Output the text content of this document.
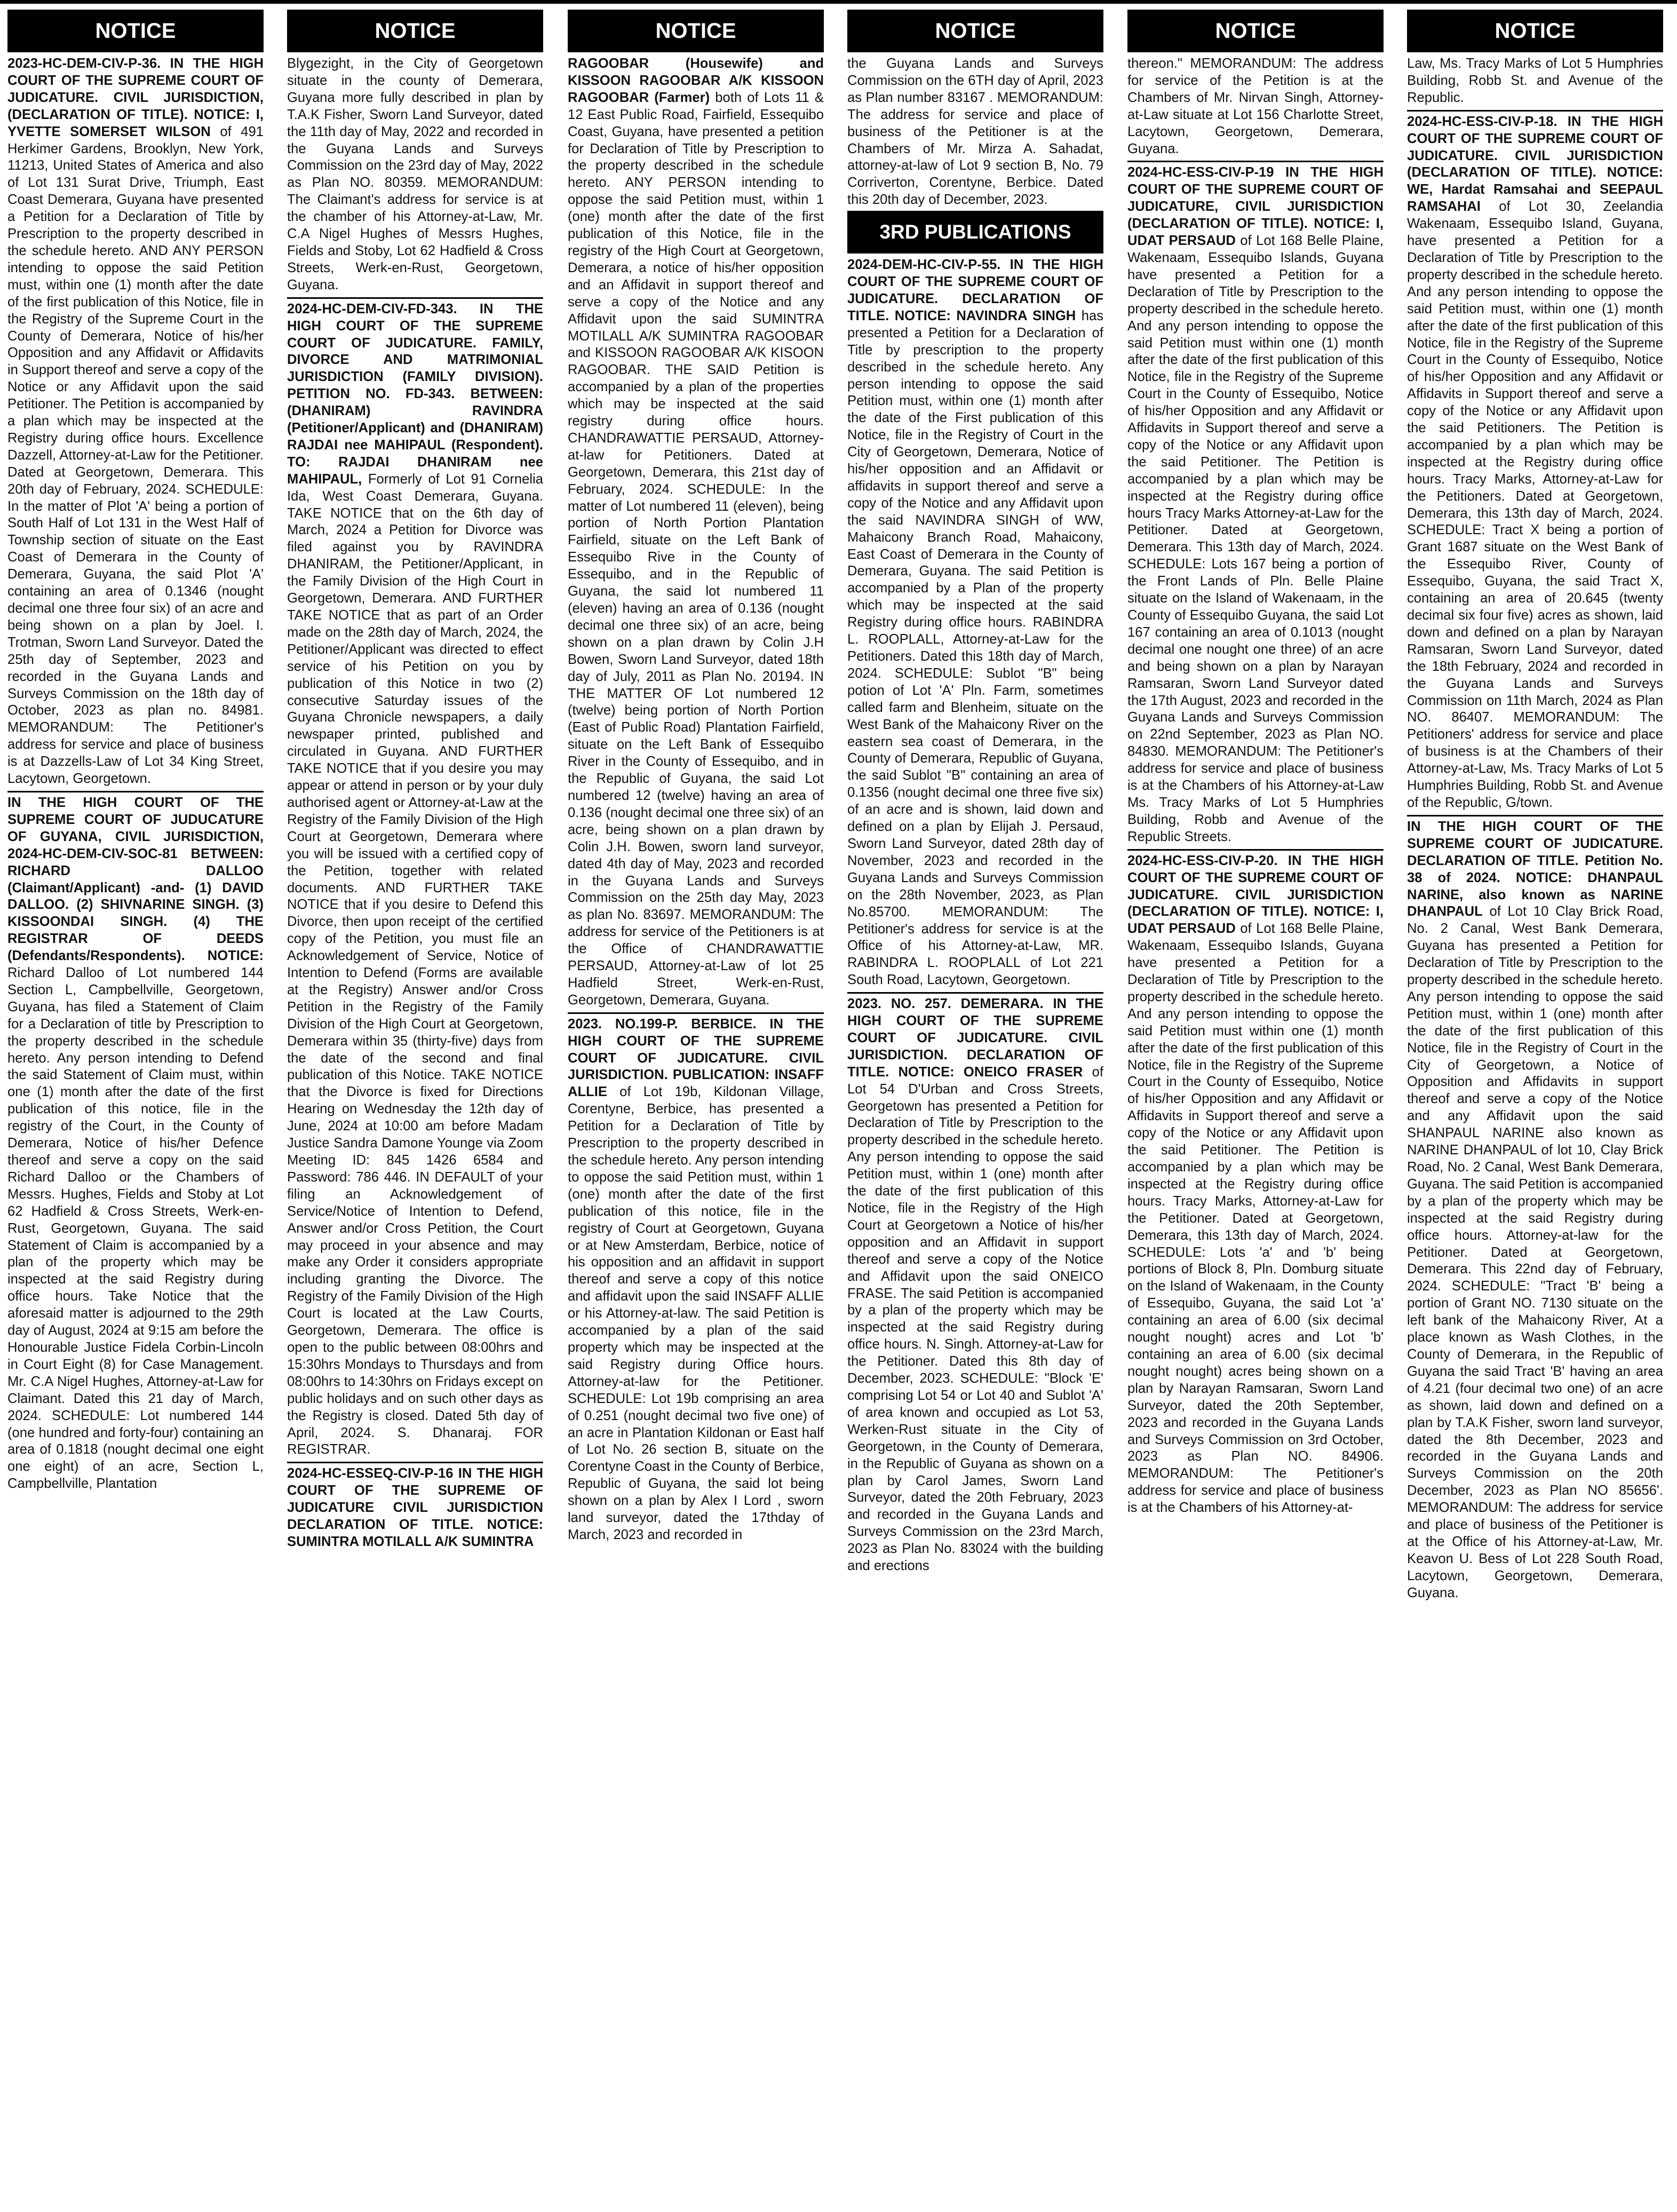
NOTICE

2023-HC-DEM-CIV-P-36. IN THE HIGH COURT OF THE SUPREME COURT OF JUDICATURE. CIVIL JURISDICTION, (DECLARATION OF TITLE). NOTICE: I, YVETTE SOMERSET WILSON of 491 Herkimer Gardens, Brooklyn, New York, 11213, United States of America and also of Lot 131 Surat Drive, Triumph, East Coast Demerara, Guyana have presented a Petition for a Declaration of Title by Prescription to the property described in the schedule hereto. AND ANY PERSON intending to oppose the said Petition must, within one (1) month after the date of the first publication of this Notice, file in the Registry of the Supreme Court in the County of Demerara, Notice of his/her Opposition and any Affidavit or Affidavits in Support thereof and serve a copy of the Notice or any Affidavit upon the said Petitioner. The Petition is accompanied by a plan which may be inspected at the Registry during office hours. Excellence Dazzell, Attorney-at-Law for the Petitioner. Dated at Georgetown, Demerara. This 20th day of February, 2024. SCHEDULE: In the matter of Plot 'A' being a portion of South Half of Lot 131 in the West Half of Township section of situate on the East Coast of Demerara in the County of Demerara, Guyana, the said Plot 'A' containing an area of 0.1346 (nought decimal one three four six) of an acre and being shown on a plan by Joel. I. Trotman, Sworn Land Surveyor. Dated the 25th day of September, 2023 and recorded in the Guyana Lands and Surveys Commission on the 18th day of October, 2023 as plan no. 84981. MEMORANDUM: The Petitioner's address for service and place of business is at Dazzells-Law of Lot 34 King Street, Lacytown, Georgetown.

IN THE HIGH COURT OF THE SUPREME COURT OF JUDUCATURE OF GUYANA, CIVIL JURISDICTION, 2024-HC-DEM-CIV-SOC-81 BETWEEN: RICHARD DALLOO (Claimant/Applicant) -and- (1) DAVID DALLOO. (2) SHIVNARINE SINGH. (3) KISSOONDAI SINGH. (4) THE REGISTRAR OF DEEDS (Defendants/Respondents). NOTICE: Richard Dalloo of Lot numbered 144 Section L, Campbellville, Georgetown, Guyana, has filed a Statement of Claim for a Declaration of title by Prescription to the property described in the schedule hereto. Any person intending to Defend the said Statement of Claim must, within one (1) month after the date of the first publication of this notice, file in the registry of the Court, in the County of Demerara, Notice of his/her Defence thereof and serve a copy on the said Richard Dalloo or the Chambers of Messrs. Hughes, Fields and Stoby at Lot 62 Hadfield & Cross Streets, Werk-en-Rust, Georgetown, Guyana. The said Statement of Claim is accompanied by a plan of the property which may be inspected at the said Registry during office hours. Take Notice that the aforesaid matter is adjourned to the 29th day of August, 2024 at 9:15 am before the Honourable Justice Fidela Corbin-Lincoln in Court Eight (8) for Case Management. Mr. C.A Nigel Hughes, Attorney-at-Law for Claimant. Dated this 21 day of March, 2024. SCHEDULE: Lot numbered 144 (one hundred and forty-four) containing an area of 0.1818 (nought decimal one eight one eight) of an acre, Section L, Campbellville, Plantation

NOTICE

Blygezight, in the City of Georgetown situate in the county of Demerara, Guyana more fully described in plan by T.A.K Fisher, Sworn Land Surveyor, dated the 11th day of May, 2022 and recorded in the Guyana Lands and Surveys Commission on the 23rd day of May, 2022 as Plan NO. 80359. MEMORANDUM: The Claimant's address for service is at the chamber of his Attorney-at-Law, Mr. C.A Nigel Hughes of Messrs Hughes, Fields and Stoby, Lot 62 Hadfield & Cross Streets, Werk-en-Rust, Georgetown, Guyana.

2024-HC-DEM-CIV-FD-343. IN THE HIGH COURT OF THE SUPREME COURT OF JUDICATURE. FAMILY, DIVORCE AND MATRIMONIAL JURISDICTION (FAMILY DIVISION). PETITION NO. FD-343. BETWEEN: (DHANIRAM) RAVINDRA (Petitioner/Applicant) and (DHANIRAM) RAJDAI nee MAHIPAUL (Respondent). TO: RAJDAI DHANIRAM nee MAHIPAUL, Formerly of Lot 91 Cornelia Ida, West Coast Demerara, Guyana. TAKE NOTICE that on the 6th day of March, 2024 a Petition for Divorce was filed against you by RAVINDRA DHANIRAM, the Petitioner/Applicant, in the Family Division of the High Court in Georgetown, Demerara. AND FURTHER TAKE NOTICE that as part of an Order made on the 28th day of March, 2024, the Petitioner/Applicant was directed to effect service of his Petition on you by publication of this Notice in two (2) consecutive Saturday issues of the Guyana Chronicle newspapers, a daily newspaper printed, published and circulated in Guyana. AND FURTHER TAKE NOTICE that if you desire you may appear or attend in person or by your duly authorised agent or Attorney-at-Law at the Registry of the Family Division of the High Court at Georgetown, Demerara where you will be issued with a certified copy of the Petition, together with related documents. AND FURTHER TAKE NOTICE that if you desire to Defend this Divorce, then upon receipt of the certified copy of the Petition, you must file an Acknowledgement of Service, Notice of Intention to Defend (Forms are available at the Registry) Answer and/or Cross Petition in the Registry of the Family Division of the High Court at Georgetown, Demerara within 35 (thirty-five) days from the date of the second and final publication of this Notice. TAKE NOTICE that the Divorce is fixed for Directions Hearing on Wednesday the 12th day of June, 2024 at 10:00 am before Madam Justice Sandra Damone Younge via Zoom Meeting ID: 845 1426 6584 and Password: 786 446. IN DEFAULT of your filing an Acknowledgement of Service/Notice of Intention to Defend, Answer and/or Cross Petition, the Court may proceed in your absence and may make any Order it considers appropriate including granting the Divorce. The Registry of the Family Division of the High Court is located at the Law Courts, Georgetown, Demerara. The office is open to the public between 08:00hrs and 15:30hrs Mondays to Thursdays and from 08:00hrs to 14:30hrs on Fridays except on public holidays and on such other days as the Registry is closed. Dated 5th day of April, 2024. S. Dhanaraj. FOR REGISTRAR.

2024-HC-ESSEQ-CIV-P-16 IN THE HIGH COURT OF THE SUPREME OF JUDICATURE CIVIL JURISDICTION DECLARATION OF TITLE. NOTICE: SUMINTRA MOTILALL A/K SUMINTRA

NOTICE

RAGOOBAR (Housewife) and KISSOON RAGOOBAR A/K KISSOON RAGOOBAR (Farmer) both of Lots 11 & 12 East Public Road, Fairfield, Essequibo Coast, Guyana, have presented a petition for Declaration of Title by Prescription to the property described in the schedule hereto. ANY PERSON intending to oppose the said Petition must, within 1 (one) month after the date of the first publication of this Notice, file in the registry of the High Court at Georgetown, Demerara, a notice of his/her opposition and an Affidavit in support thereof and serve a copy of the Notice and any Affidavit upon the said SUMINTRA MOTILALL A/K SUMINTRA RAGOOBAR and KISSOON RAGOOBAR A/K KISOON RAGOOBAR. THE SAID Petition is accompanied by a plan of the properties which may be inspected at the said registry during office hours. CHANDRAWATTIE PERSAUD, Attorney-at-law for Petitioners. Dated at Georgetown, Demerara, this 21st day of February, 2024. SCHEDULE: In the matter of Lot numbered 11 (eleven), being portion of North Portion Plantation Fairfield, situate on the Left Bank of Essequibo Rive in the County of Essequibo, and in the Republic of Guyana, the said lot numbered 11 (eleven) having an area of 0.136 (nought decimal one three six) of an acre, being shown on a plan drawn by Colin J.H Bowen, Sworn Land Surveyor, dated 18th day of July, 2011 as Plan No. 20194. IN THE MATTER OF Lot numbered 12 (twelve) being portion of North Portion (East of Public Road) Plantation Fairfield, situate on the Left Bank of Essequibo River in the County of Essequibo, and in the Republic of Guyana, the said Lot numbered 12 (twelve) having an area of 0.136 (nought decimal one three six) of an acre, being shown on a plan drawn by Colin J.H. Bowen, sworn land surveyor, dated 4th day of May, 2023 and recorded in the Guyana Lands and Surveys Commission on the 25th day May, 2023 as plan No. 83697. MEMORANDUM: The address for service of the Petitioners is at the Office of CHANDRAWATTIE PERSAUD, Attorney-at-Law of lot 25 Hadfield Street, Werk-en-Rust, Georgetown, Demerara, Guyana.

2023. NO.199-P. BERBICE. IN THE HIGH COURT OF THE SUPREME COURT OF JUDICATURE. CIVIL JURISDICTION. PUBLICATION: INSAFF ALLIE of Lot 19b, Kildonan Village, Corentyne, Berbice, has presented a Petition for a Declaration of Title by Prescription to the property described in the schedule hereto. Any person intending to oppose the said Petition must, within 1 (one) month after the date of the first publication of this notice, file in the registry of Court at Georgetown, Guyana or at New Amsterdam, Berbice, notice of his opposition and an affidavit in support thereof and serve a copy of this notice and affidavit upon the said INSAFF ALLIE or his Attorney-at-law. The said Petition is accompanied by a plan of the said property which may be inspected at the said Registry during Office hours. Attorney-at-law for the Petitioner. SCHEDULE: Lot 19b comprising an area of 0.251 (nought decimal two five one) of an acre in Plantation Kildonan or East half of Lot No. 26 section B, situate on the Corentyne Coast in the County of Berbice, Republic of Guyana, the said lot being shown on a plan by Alex I Lord , sworn land surveyor, dated the 17thday of March, 2023 and recorded in

NOTICE

the Guyana Lands and Surveys Commission on the 6TH day of April, 2023 as Plan number 83167 . MEMORANDUM: The address for service and place of business of the Petitioner is at the Chambers of Mr. Mirza A. Sahadat, attorney-at-law of Lot 9 section B, No. 79 Corriverton, Corentyne, Berbice. Dated this 20th day of December, 2023.

3RD PUBLICATIONS

2024-DEM-HC-CIV-P-55. IN THE HIGH COURT OF THE SUPREME COURT OF JUDICATURE. DECLARATION OF TITLE. NOTICE: NAVINDRA SINGH has presented a Petition for a Declaration of Title by prescription to the property described in the schedule hereto. Any person intending to oppose the said Petition must, within one (1) month after the date of the First publication of this Notice, file in the Registry of Court in the City of Georgetown, Demerara, Notice of his/her opposition and an Affidavit or affidavits in support thereof and serve a copy of the Notice and any Affidavit upon the said NAVINDRA SINGH of WW, Mahaicony Branch Road, Mahaicony, East Coast of Demerara in the County of Demerara, Guyana. The said Petition is accompanied by a Plan of the property which may be inspected at the said Registry during office hours. RABINDRA L. ROOPLALL, Attorney-at-Law for the Petitioners. Dated this 18th day of March, 2024. SCHEDULE: Sublot "B" being potion of Lot 'A' Pln. Farm, sometimes called farm and Blenheim, situate on the West Bank of the Mahaicony River on the eastern sea coast of Demerara, in the County of Demerara, Republic of Guyana, the said Sublot "B" containing an area of 0.1356 (nought decimal one three five six) of an acre and is shown, laid down and defined on a plan by Elijah J. Persaud, Sworn Land Surveyor, dated 28th day of November, 2023 and recorded in the Guyana Lands and Surveys Commission on the 28th November, 2023, as Plan No.85700. MEMORANDUM: The Petitioner's address for service is at the Office of his Attorney-at-Law, MR. RABINDRA L. ROOPLALL of Lot 221 South Road, Lacytown, Georgetown.

2023. NO. 257. DEMERARA. IN THE HIGH COURT OF THE SUPREME COURT OF JUDICATURE. CIVIL JURISDICTION. DECLARATION OF TITLE. NOTICE: ONEICO FRASER of Lot 54 D'Urban and Cross Streets, Georgetown has presented a Petition for Declaration of Title by Prescription to the property described in the schedule hereto. Any person intending to oppose the said Petition must, within 1 (one) month after the date of the first publication of this Notice, file in the Registry of the High Court at Georgetown a Notice of his/her opposition and an Affidavit in support thereof and serve a copy of the Notice and Affidavit upon the said ONEICO FRASE. The said Petition is accompanied by a plan of the property which may be inspected at the said Registry during office hours. N. Singh. Attorney-at-Law for the Petitioner. Dated this 8th day of December, 2023. SCHEDULE: "Block 'E' comprising Lot 54 or Lot 40 and Sublot 'A' of area known and occupied as Lot 53, Werken-Rust situate in the City of Georgetown, in the County of Demerara, in the Republic of Guyana as shown on a plan by Carol James, Sworn Land Surveyor, dated the 20th February, 2023 and recorded in the Guyana Lands and Surveys Commission on the 23rd March, 2023 as Plan No. 83024 with the building and erections

NOTICE

thereon." MEMORANDUM: The address for service of the Petition is at the Chambers of Mr. Nirvan Singh, Attorney-at-Law situate at Lot 156 Charlotte Street, Lacytown, Georgetown, Demerara, Guyana.

2024-HC-ESS-CIV-P-19 IN THE HIGH COURT OF THE SUPREME COURT OF JUDICATURE, CIVIL JURISDICTION (DECLARATION OF TITLE). NOTICE: I, UDAT PERSAUD of Lot 168 Belle Plaine, Wakenaam, Essequibo Islands, Guyana have presented a Petition for a Declaration of Title by Prescription to the property described in the schedule hereto. And any person intending to oppose the said Petition must within one (1) month after the date of the first publication of this Notice, file in the Registry of the Supreme Court in the County of Essequibo, Notice of his/her Opposition and any Affidavit or Affidavits in Support thereof and serve a copy of the Notice or any Affidavit upon the said Petitioner. The Petition is accompanied by a plan which may be inspected at the Registry during office hours Tracy Marks Attorney-at-Law for the Petitioner. Dated at Georgetown, Demerara. This 13th day of March, 2024. SCHEDULE: Lots 167 being a portion of the Front Lands of Pln. Belle Plaine situate on the Island of Wakenaam, in the County of Essequibo Guyana, the said Lot 167 containing an area of 0.1013 (nought decimal one nought one three) of an acre and being shown on a plan by Narayan Ramsaran, Sworn Land Surveyor dated the 17th August, 2023 and recorded in the Guyana Lands and Surveys Commission on 22nd September, 2023 as Plan NO. 84830. MEMORANDUM: The Petitioner's address for service and place of business is at the Chambers of his Attorney-at-Law Ms. Tracy Marks of Lot 5 Humphries Building, Robb and Avenue of the Republic Streets.

2024-HC-ESS-CIV-P-20. IN THE HIGH COURT OF THE SUPREME COURT OF JUDICATURE. CIVIL JURISDICTION (DECLARATION OF TITLE). NOTICE: I, UDAT PERSAUD of Lot 168 Belle Plaine, Wakenaam, Essequibo Islands, Guyana have presented a Petition for a Declaration of Title by Prescription to the property described in the schedule hereto. And any person intending to oppose the said Petition must within one (1) month after the date of the first publication of this Notice, file in the Registry of the Supreme Court in the County of Essequibo, Notice of his/her Opposition and any Affidavit or Affidavits in Support thereof and serve a copy of the Notice or any Affidavit upon the said Petitioner. The Petition is accompanied by a plan which may be inspected at the Registry during office hours. Tracy Marks, Attorney-at-Law for the Petitioner. Dated at Georgetown, Demerara, this 13th day of March, 2024. SCHEDULE: Lots 'a' and 'b' being portions of Block 8, Pln. Domburg situate on the Island of Wakenaam, in the County of Essequibo, Guyana, the said Lot 'a' containing an area of 6.00 (six decimal nought nought) acres and Lot 'b' containing an area of 6.00 (six decimal nought nought) acres being shown on a plan by Narayan Ramsaran, Sworn Land Surveyor, dated the 20th September, 2023 and recorded in the Guyana Lands and Surveys Commission on 3rd October, 2023 as Plan NO. 84906. MEMORANDUM: The Petitioner's address for service and place of business is at the Chambers of his Attorney-at-

NOTICE

Law, Ms. Tracy Marks of Lot 5 Humphries Building, Robb St. and Avenue of the Republic.

2024-HC-ESS-CIV-P-18. IN THE HIGH COURT OF THE SUPREME COURT OF JUDICATURE. CIVIL JURISDICTION (DECLARATION OF TITLE). NOTICE: WE, Hardat Ramsahai and SEEPAUL RAMSAHAI of Lot 30, Zeelandia Wakenaam, Essequibo Island, Guyana, have presented a Petition for a Declaration of Title by Prescription to the property described in the schedule hereto. And any person intending to oppose the said Petition must, within one (1) month after the date of the first publication of this Notice, file in the Registry of the Supreme Court in the County of Essequibo, Notice of his/her Opposition and any Affidavit or Affidavits in Support thereof and serve a copy of the Notice or any Affidavit upon the said Petitioners. The Petition is accompanied by a plan which may be inspected at the Registry during office hours. Tracy Marks, Attorney-at-Law for the Petitioners. Dated at Georgetown, Demerara, this 13th day of March, 2024. SCHEDULE: Tract X being a portion of Grant 1687 situate on the West Bank of the Essequibo River, County of Essequibo, Guyana, the said Tract X, containing an area of 20.645 (twenty decimal six four five) acres as shown, laid down and defined on a plan by Narayan Ramsaran, Sworn Land Surveyor, dated the 18th February, 2024 and recorded in the Guyana Lands and Surveys Commission on 11th March, 2024 as Plan NO. 86407. MEMORANDUM: The Petitioners' address for service and place of business is at the Chambers of their Attorney-at-Law, Ms. Tracy Marks of Lot 5 Humphries Building, Robb St. and Avenue of the Republic, G/town.

IN THE HIGH COURT OF THE SUPREME COURT OF JUDICATURE. DECLARATION OF TITLE. Petition No. 38 of 2024. NOTICE: DHANPAUL NARINE, also known as NARINE DHANPAUL of Lot 10 Clay Brick Road, No. 2 Canal, West Bank Demerara, Guyana has presented a Petition for Declaration of Title by Prescription to the property described in the schedule hereto. Any person intending to oppose the said Petition must, within 1 (one) month after the date of the first publication of this Notice, file in the Registry of Court in the City of Georgetown, a Notice of Opposition and Affidavits in support thereof and serve a copy of the Notice and any Affidavit upon the said SHANPAUL NARINE also known as NARINE DHANPAUL of lot 10, Clay Brick Road, No. 2 Canal, West Bank Demerara, Guyana. The said Petition is accompanied by a plan of the property which may be inspected at the said Registry during office hours. Attorney-at-law for the Petitioner. Dated at Georgetown, Demerara. This 22nd day of February, 2024. SCHEDULE: "Tract 'B' being a portion of Grant NO. 7130 situate on the left bank of the Mahaicony River, At a place known as Wash Clothes, in the County of Demerara, in the Republic of Guyana the said Tract 'B' having an area of 4.21 (four decimal two one) of an acre as shown, laid down and defined on a plan by T.A.K Fisher, sworn land surveyor, dated the 8th December, 2023 and recorded in the Guyana Lands and Surveys Commission on the 20th December, 2023 as Plan NO 85656'. MEMORANDUM: The address for service and place of business of the Petitioner is at the Office of his Attorney-at-Law, Mr. Keavon U. Bess of Lot 228 South Road, Lacytown, Georgetown, Demerara, Guyana.
